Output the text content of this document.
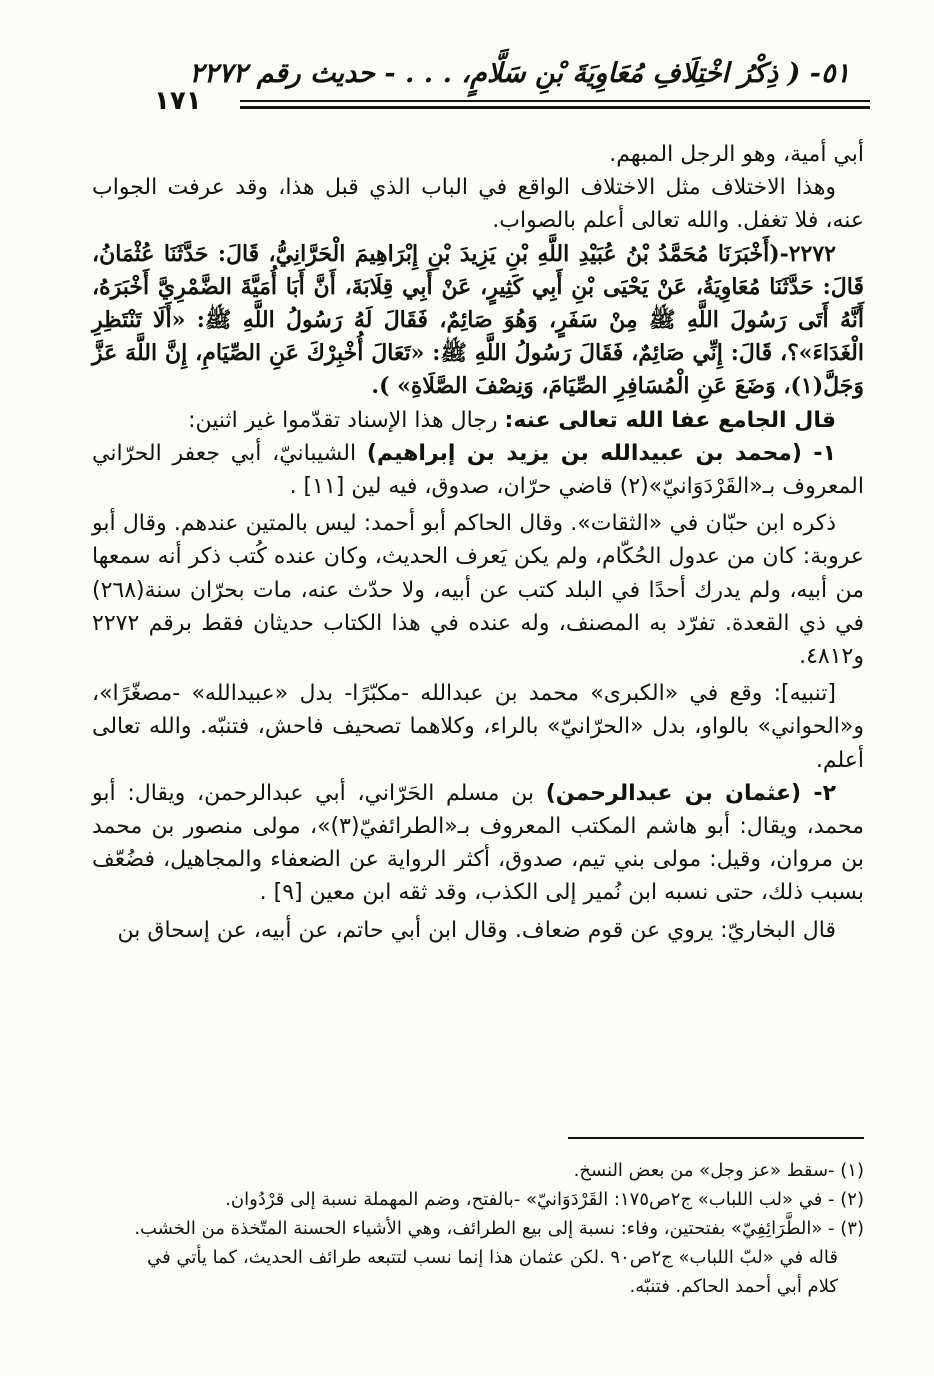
٥١- ( ذِكْرُ اخْتِلَافِ مُعَاوِيَةَ بْنِ سَلَّامٍ، . . . - حديث رقم ٢٢٧٢
١٧١

أبي أمية، وهو الرجل المبهم.

وهذا الاختلاف مثل الاختلاف الواقع في الباب الذي قبل هذا، وقد عرفت الجواب عنه، فلا تغفل. والله تعالى أعلم بالصواب.

٢٢٧٢-(أَخْبَرَنَا مُحَمَّدُ بْنُ عُبَيْدِ اللَّهِ بْنِ يَزِيدَ بْنِ إِبْرَاهِيمَ الْحَرَّانِيُّ، قَالَ: حَدَّثَنَا عُثْمَانُ، قَالَ: حَدَّثَنَا مُعَاوِيَةُ، عَنْ يَحْيَى بْنِ أَبِي كَثِيرٍ، عَنْ أَبِي قِلَابَةَ، أَنَّ أَبَا أُمَيَّةَ الضَّمْرِيَّ أَخْبَرَهُ، أَنَّهُ أَتَى رَسُولَ اللَّهِ ﷺ مِنْ سَفَرٍ، وَهُوَ صَائِمٌ، فَقَالَ لَهُ رَسُولُ اللَّهِ ﷺ: «أَلَا تَنْتَظِرِ الْغَدَاءَ»؟، قَالَ: إِنِّي صَائِمٌ، فَقَالَ رَسُولُ اللَّهِ ﷺ: «تَعَالَ أُخْبِرْكَ عَنِ الصِّيَامِ، إِنَّ اللَّهَ عَزَّ وَجَلَّ(١)، وَضَعَ عَنِ الْمُسَافِرِ الصِّيَامَ، وَنِصْفَ الصَّلَاةِ» ).

قال الجامع عفا الله تعالى عنه: رجال هذا الإسناد تقدّموا غير اثنين:

١- (محمد بن عبيدالله بن يزيد بن إبراهيم) الشيبانيّ، أبي جعفر الحرّاني المعروف بـ«القَرْدَوَانيّ»(٢) قاضي حرّان، صدوق، فيه لين [١١] .

ذكره ابن حبّان في «الثقات». وقال الحاكم أبو أحمد: ليس بالمتين عندهم. وقال أبو عروبة: كان من عدول الحُكّام، ولم يكن يَعرف الحديث، وكان عنده كُتب ذكر أنه سمعها من أبيه، ولم يدرك أحدًا في البلد كتب عن أبيه، ولا حدّث عنه، مات بحرّان سنة(٢٦٨) في ذي القعدة. تفرّد به المصنف، وله عنده في هذا الكتاب حديثان فقط برقم ٢٢٧٢ و٤٨١٢.

[تنبيه]: وقع في «الكبرى» محمد بن عبدالله -مكبّرًا- بدل «عبيدالله» -مصغّرًا»، و«الحواني» بالواو، بدل «الحرّانيّ» بالراء، وكلاهما تصحيف فاحش، فتنبّه. والله تعالى أعلم.

٢- (عثمان بن عبدالرحمن) بن مسلم الحَرّاني، أبي عبدالرحمن، ويقال: أبو محمد، ويقال: أبو هاشم المكتب المعروف بـ«الطرائفيّ(٣)»، مولى منصور بن محمد بن مروان، وقيل: مولى بني تيم، صدوق، أكثر الرواية عن الضعفاء والمجاهيل، فضُعّف بسبب ذلك، حتى نسبه ابن نُمير إلى الكذب، وقد ثقه ابن معين [٩] .

قال البخاريّ: يروي عن قوم ضعاف. وقال ابن أبي حاتم، عن أبيه، عن إسحاق بن

(١) -سقط «عز وجل» من بعض النسخ.

(٢) - في «لب اللباب» ج٢ص١٧٥: القَرْدَوَانيّ» -بالفتح، وضم المهملة نسبة إلى قرْدُوان.

(٣) - «الطَّرَائِفِيّ» بفتحتين، وفاء: نسبة إلى بيع الطرائف، وهي الأشياء الحسنة المتّخذة من الخشب.

قاله في «لبّ اللباب» ج٢ص٩٠ .لكن عثمان هذا إنما نسب لتتبعه طرائف الحديث، كما يأتي في

كلام أبي أحمد الحاكم. فتنبّه.
